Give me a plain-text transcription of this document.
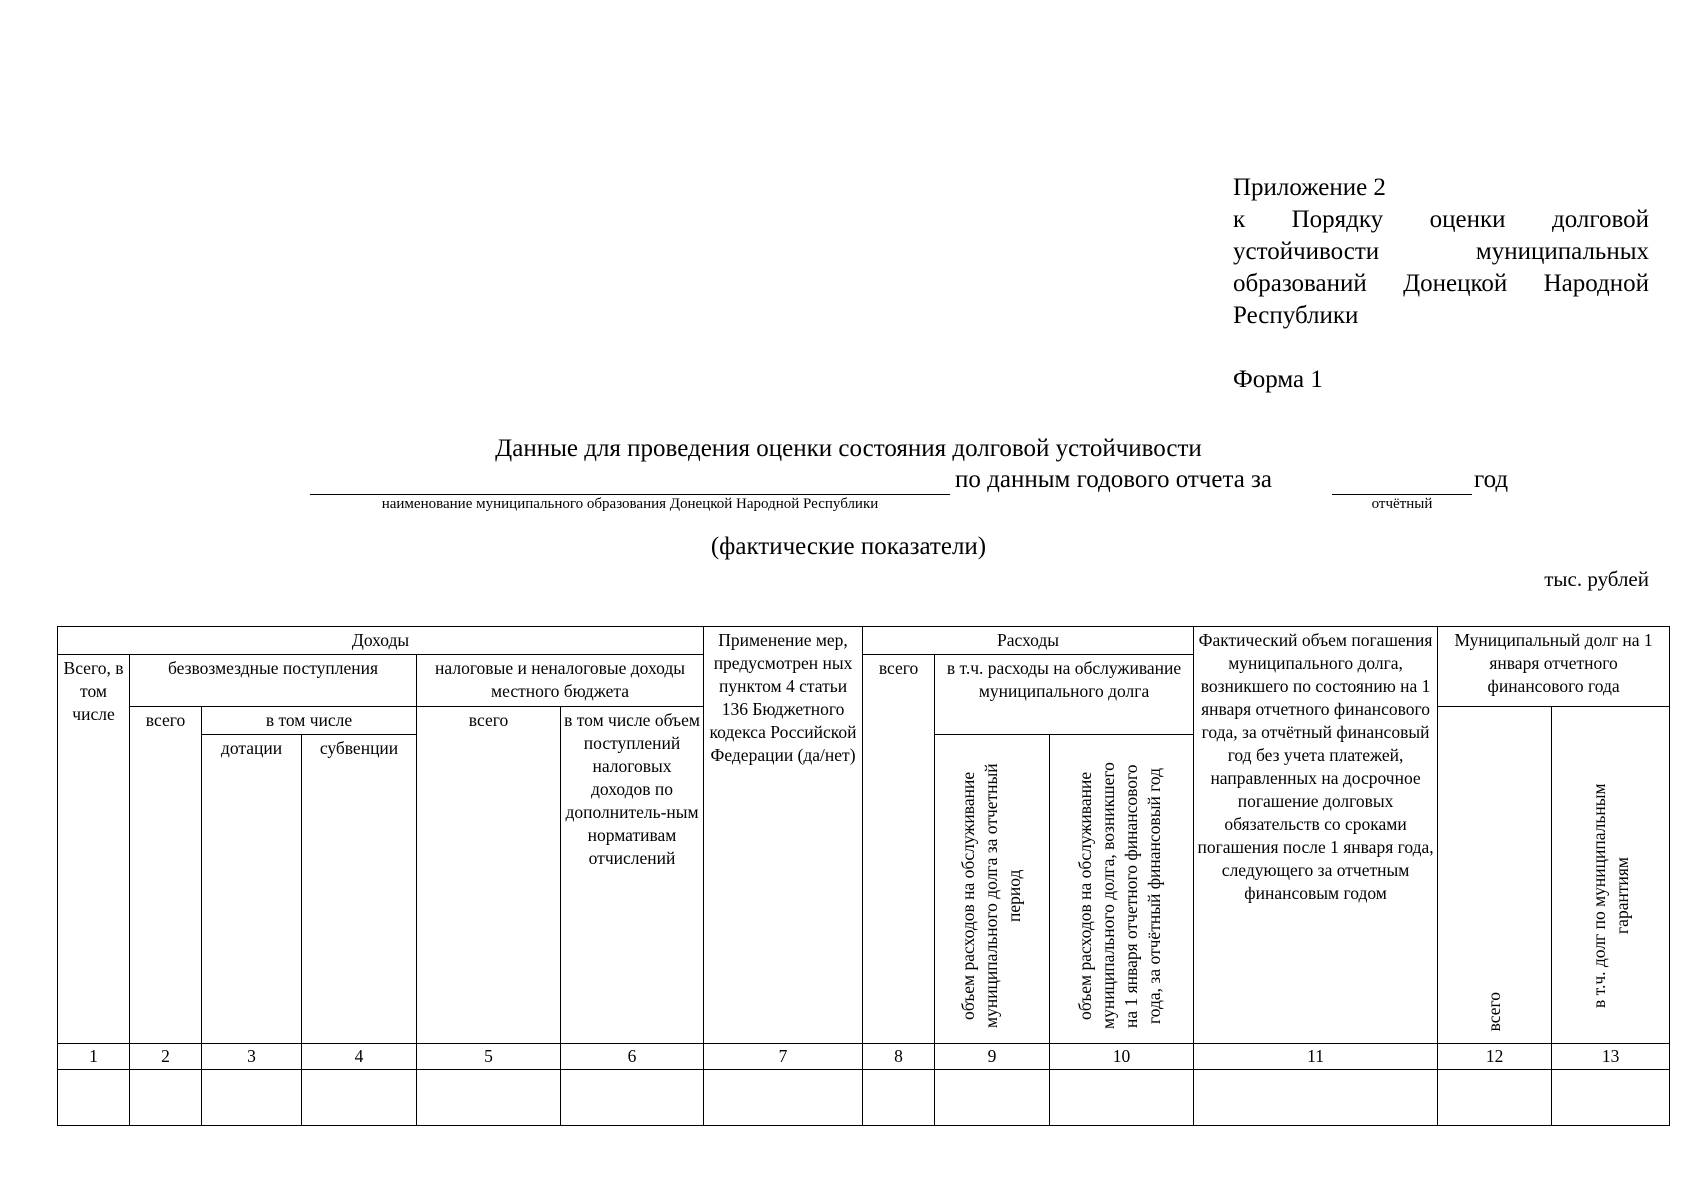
Приложение 2
к Порядку оценки долговой
устойчивости муниципальных
образований Донецкой Народной
Республики
Форма 1
Данные для проведения оценки состояния долговой устойчивости
наименование муниципального образования Донецкой Народной Республики
по данным годового отчета за
отчётный
год
(фактические показатели)
тыс. рублей
Доходы						Применение мер, предусмотрен ных пунктом 4 статьи 136 Бюджетного кодекса Российской Федерации (да/нет)	Расходы			Фактический объем погашения муниципального долга, возникшего по состоянию на 1 января отчетного финансового года, за отчётный финансовый год без учета платежей, направленных на досрочное погашение долговых обязательств со сроками погашения после 1 января года, следующего за отчетным финансовым годом	Муниципальный долг на 1 января отчетного финансового года	
Всего, в том числе	безвозмездные поступления			налоговые и неналоговые доходы местного бюджета			всего	в т.ч. расходы на обслуживание муниципального долга				
	всего	в том числе		всего	в том числе объем поступлений налоговых доходов по дополнитель-ным нормативам отчислений						всего	в т.ч. долг по муниципальным гарантиям
		дотации	субвенции					объем расходов на обслуживание муниципального долга за отчетный период	объем расходов на обслуживание муниципального долга, возникшего на 1 января отчетного финансового года, за отчётный финансовый год			

1	2	3	4	5	6	7	8	9	10	11	12	13
